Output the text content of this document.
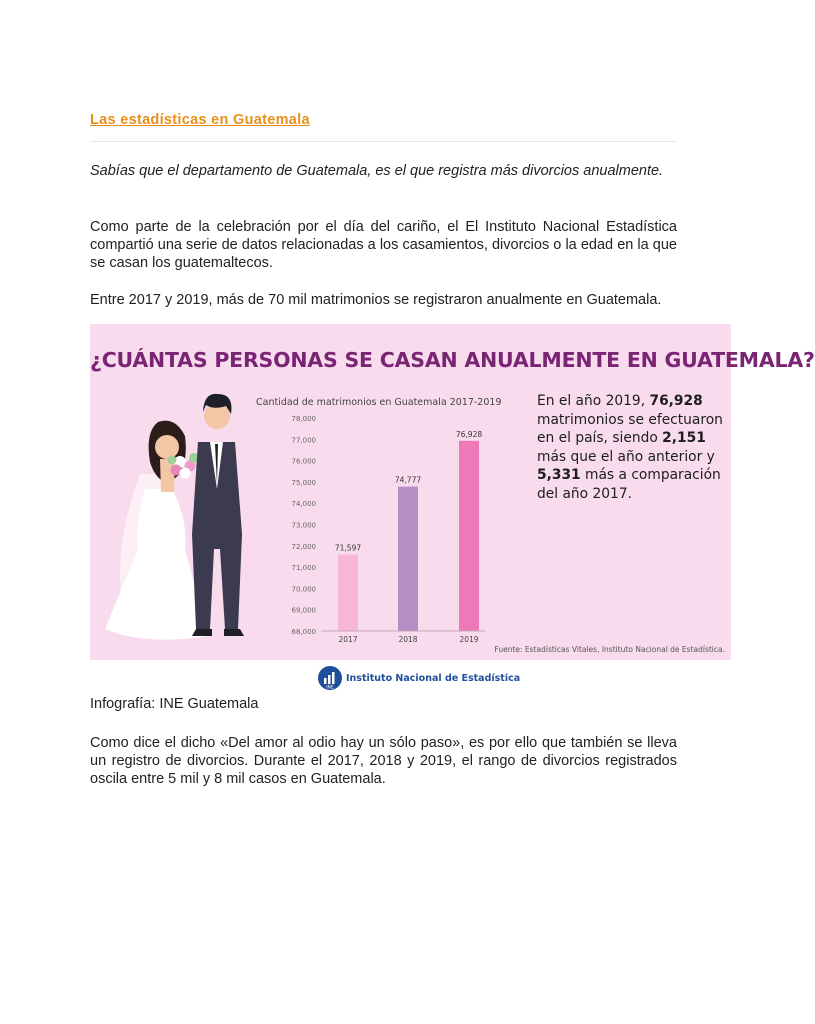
Las estadísticas en Guatemala

Sabías que el departamento de Guatemala, es el que registra más divorcios anualmente.

Como parte de la celebración por el día del cariño, el El Instituto Nacional Estadística compartió una serie de datos relacionadas a los casamientos, divorcios o la edad en la que se casan los guatemaltecos.

Entre 2017 y 2019, más de 70 mil matrimonios se registraron anualmente en Guatemala.

¿CUÁNTAS PERSONAS SE CASAN ANUALMENTE EN GUATEMALA?
Cantidad de matrimonios en Guatemala 2017-2019
68,000
69,000
70,000
71,000
72,000
73,000
74,000
75,000
76,000
77,000
78,000
71,597
2017
74,777
2018
76,928
2019
En el año 2019, 76,928 matrimonios se efectuaron en el país, siendo 2,151 más que el año anterior y 5,331 más a comparación del año 2017.
Fuente: Estadísticas Vitales, Instituto Nacional de Estadística.
INE
Instituto Nacional de Estadística
Infografía: INE Guatemala

Como dice el dicho «Del amor al odio hay un sólo paso», es por ello que también se lleva un registro de divorcios. Durante el 2017, 2018 y 2019, el rango de divorcios registrados oscila entre 5 mil y 8 mil casos en Guatemala.
